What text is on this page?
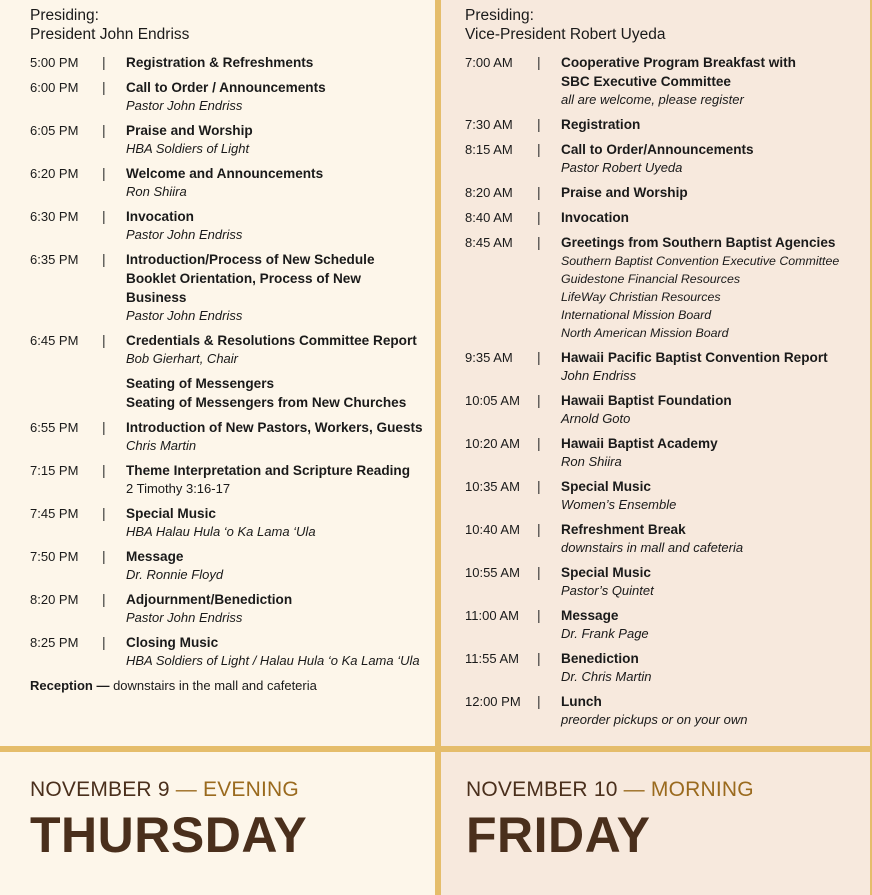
Presiding:
President John Endriss
5:00 PM	|	Registration & Refreshments
6:00 PM	|	Call to Order / Announcements
Pastor John Endriss
6:05 PM	|	Praise and Worship
HBA Soldiers of Light
6:20 PM	|	Welcome and Announcements
Ron Shiira
6:30 PM	|	Invocation
Pastor John Endriss
6:35 PM	|	Introduction/Process of New Schedule
Booklet Orientation, Process of New
Business
Pastor John Endriss
6:45 PM	|	Credentials & Resolutions Committee Report
Bob Gierhart, Chair
Seating of Messengers
Seating of Messengers from New Churches
6:55 PM	|	Introduction of New Pastors, Workers, Guests
Chris Martin
7:15 PM	|	Theme Interpretation and Scripture Reading
2 Timothy 3:16-17
7:45 PM	|	Special Music
HBA Halau Hula ‘o Ka Lama ‘Ula
7:50 PM	|	Message
Dr. Ronnie Floyd
8:20 PM	|	Adjournment/Benediction
Pastor John Endriss
8:25 PM	|	Closing Music
HBA Soldiers of Light / Halau Hula ‘o Ka Lama ‘Ula
Reception — downstairs in the mall and cafeteria
Presiding:
Vice-President Robert Uyeda
7:00 AM	|	Cooperative Program Breakfast with
SBC Executive Committee
all are welcome, please register
7:30 AM	|	Registration
8:15 AM	|	Call to Order/Announcements
Pastor Robert Uyeda
8:20 AM	|	Praise and Worship
8:40 AM	|	Invocation
8:45 AM	|	Greetings from Southern Baptist Agencies
Southern Baptist Convention Executive Committee
Guidestone Financial Resources
LifeWay Christian Resources
International Mission Board
North American Mission Board
9:35 AM	|	Hawaii Pacific Baptist Convention Report
John Endriss
10:05 AM	|	Hawaii Baptist Foundation
Arnold Goto
10:20 AM	|	Hawaii Baptist Academy
Ron Shiira
10:35 AM	|	Special Music
Women’s Ensemble
10:40 AM	|	Refreshment Break
downstairs in mall and cafeteria
10:55 AM	|	Special Music
Pastor’s Quintet
11:00 AM	|	Message
Dr. Frank Page
11:55 AM	|	Benediction
Dr. Chris Martin
12:00 PM	|	Lunch
preorder pickups or on your own
NOVEMBER 9 — EVENING
THURSDAY
NOVEMBER 10 — MORNING
FRIDAY
